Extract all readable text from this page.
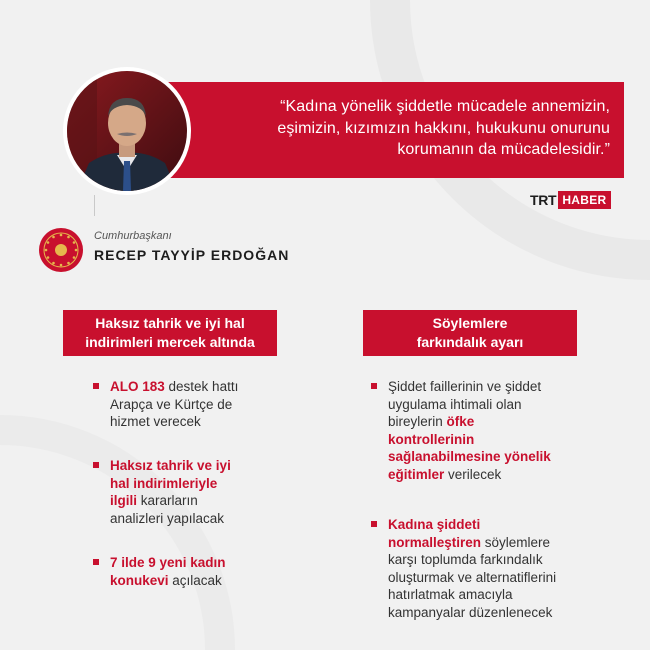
“Kadına yönelik şiddetle mücadele annemizin,
eşimizin, kızımızın hakkını, hukukunu onurunu
korumanın da mücadelesidir.”
TRT HABER
Cumhurbaşkanı
RECEP TAYYİP ERDOĞAN
Haksız tahrik ve iyi hal
indirimleri mercek altında
Söylemlere
farkındalık ayarı
ALO 183 destek hattı
Arapça ve Kürtçe de
hizmet verecek
Haksız tahrik ve iyi
hal indirimleriyle
ilgili kararların
analizleri yapılacak
7 ilde 9 yeni kadın
konukevi açılacak
Şiddet faillerinin ve şiddet
uygulama ihtimali olan
bireylerin öfke
kontrollerinin
sağlanabilmesine yönelik
eğitimler verilecek
Kadına şiddeti
normalleştiren söylemlere
karşı toplumda farkındalık
oluşturmak ve alternatiflerini
hatırlatmak amacıyla
kampanyalar düzenlenecek
